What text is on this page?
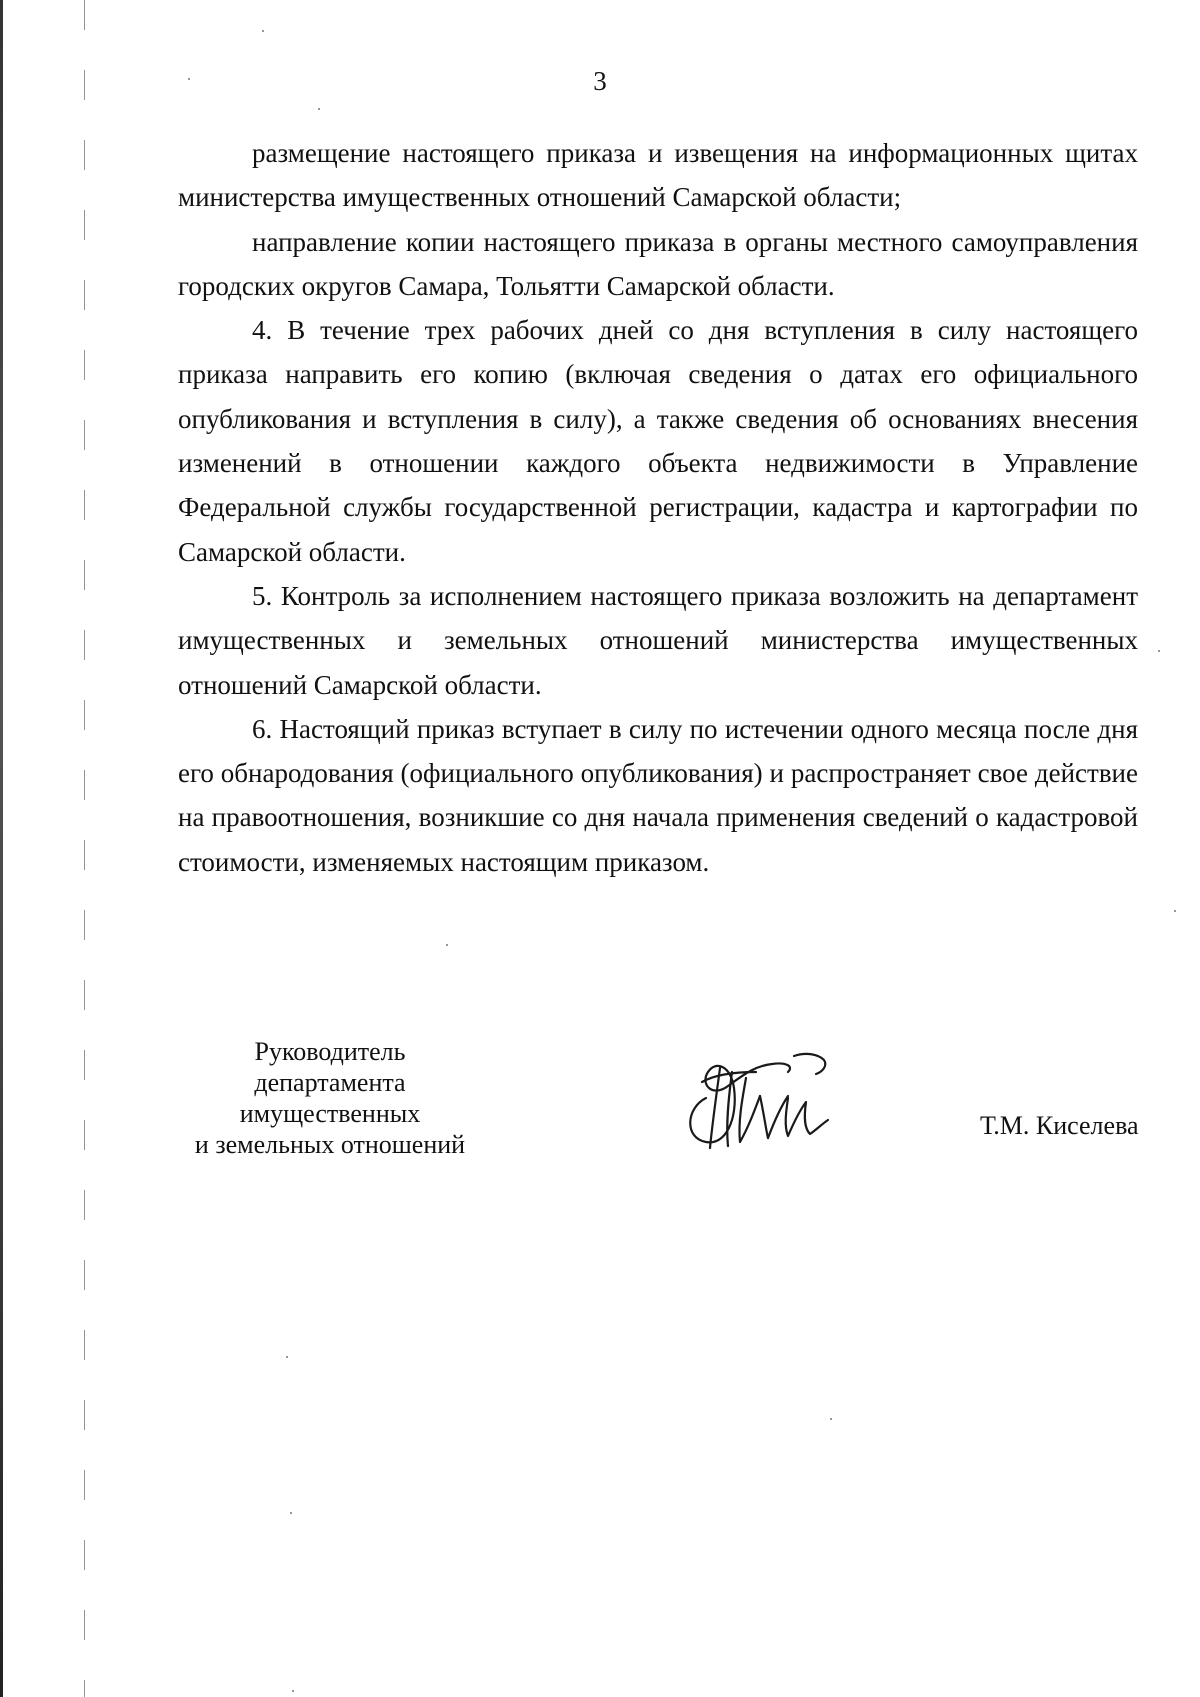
3

размещение настоящего приказа и извещения на информационных щитах министерства имущественных отношений Самарской области;

направление копии настоящего приказа в органы местного самоуправления городских округов Самара, Тольятти Самарской области.

4. В течение трех рабочих дней со дня вступления в силу настоящего приказа направить его копию (включая сведения о датах его официального опубликования и вступления в силу), а также сведения об основаниях внесения изменений в отношении каждого объекта недвижимости в Управление Федеральной службы государственной регистрации, кадастра и картографии по Самарской области.

5. Контроль за исполнением настоящего приказа возложить на департамент имущественных и земельных отношений министерства имущественных отношений Самарской области.

6. Настоящий приказ вступает в силу по истечении одного месяца после дня его обнародования (официального опубликования) и распространяет свое действие на правоотношения, возникшие со дня начала применения сведений о кадастровой стоимости, изменяемых настоящим приказом.

Руководитель
департамента
имущественных
и земельных отношений
Т.М. Киселева
